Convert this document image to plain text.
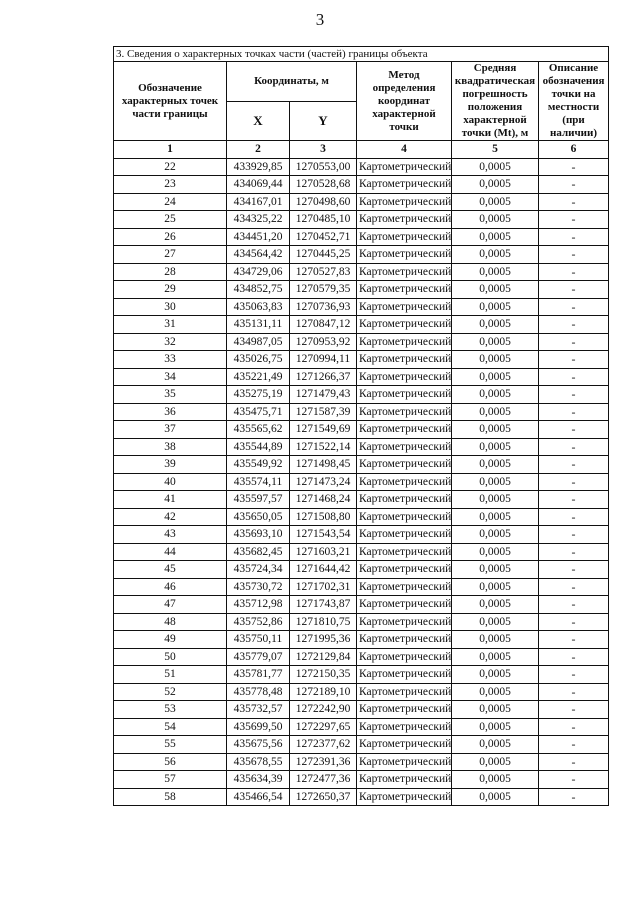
3
3. Сведения о характерных точках части (частей) границы объекта					
Обозначение характерных точек части границы	Координаты, м		Метод определения координат характерной точки	Средняя квадратическая погрешность положения характерной точки (Mt), м	Описание обозначения точки на местности (при наличии)
	X	Y			
1	2	3	4	5	6
22	433929,85	1270553,00	Картометрический	0,0005	-
23	434069,44	1270528,68	Картометрический	0,0005	-
24	434167,01	1270498,60	Картометрический	0,0005	-
25	434325,22	1270485,10	Картометрический	0,0005	-
26	434451,20	1270452,71	Картометрический	0,0005	-
27	434564,42	1270445,25	Картометрический	0,0005	-
28	434729,06	1270527,83	Картометрический	0,0005	-
29	434852,75	1270579,35	Картометрический	0,0005	-
30	435063,83	1270736,93	Картометрический	0,0005	-
31	435131,11	1270847,12	Картометрический	0,0005	-
32	434987,05	1270953,92	Картометрический	0,0005	-
33	435026,75	1270994,11	Картометрический	0,0005	-
34	435221,49	1271266,37	Картометрический	0,0005	-
35	435275,19	1271479,43	Картометрический	0,0005	-
36	435475,71	1271587,39	Картометрический	0,0005	-
37	435565,62	1271549,69	Картометрический	0,0005	-
38	435544,89	1271522,14	Картометрический	0,0005	-
39	435549,92	1271498,45	Картометрический	0,0005	-
40	435574,11	1271473,24	Картометрический	0,0005	-
41	435597,57	1271468,24	Картометрический	0,0005	-
42	435650,05	1271508,80	Картометрический	0,0005	-
43	435693,10	1271543,54	Картометрический	0,0005	-
44	435682,45	1271603,21	Картометрический	0,0005	-
45	435724,34	1271644,42	Картометрический	0,0005	-
46	435730,72	1271702,31	Картометрический	0,0005	-
47	435712,98	1271743,87	Картометрический	0,0005	-
48	435752,86	1271810,75	Картометрический	0,0005	-
49	435750,11	1271995,36	Картометрический	0,0005	-
50	435779,07	1272129,84	Картометрический	0,0005	-
51	435781,77	1272150,35	Картометрический	0,0005	-
52	435778,48	1272189,10	Картометрический	0,0005	-
53	435732,57	1272242,90	Картометрический	0,0005	-
54	435699,50	1272297,65	Картометрический	0,0005	-
55	435675,56	1272377,62	Картометрический	0,0005	-
56	435678,55	1272391,36	Картометрический	0,0005	-
57	435634,39	1272477,36	Картометрический	0,0005	-
58	435466,54	1272650,37	Картометрический	0,0005	-
